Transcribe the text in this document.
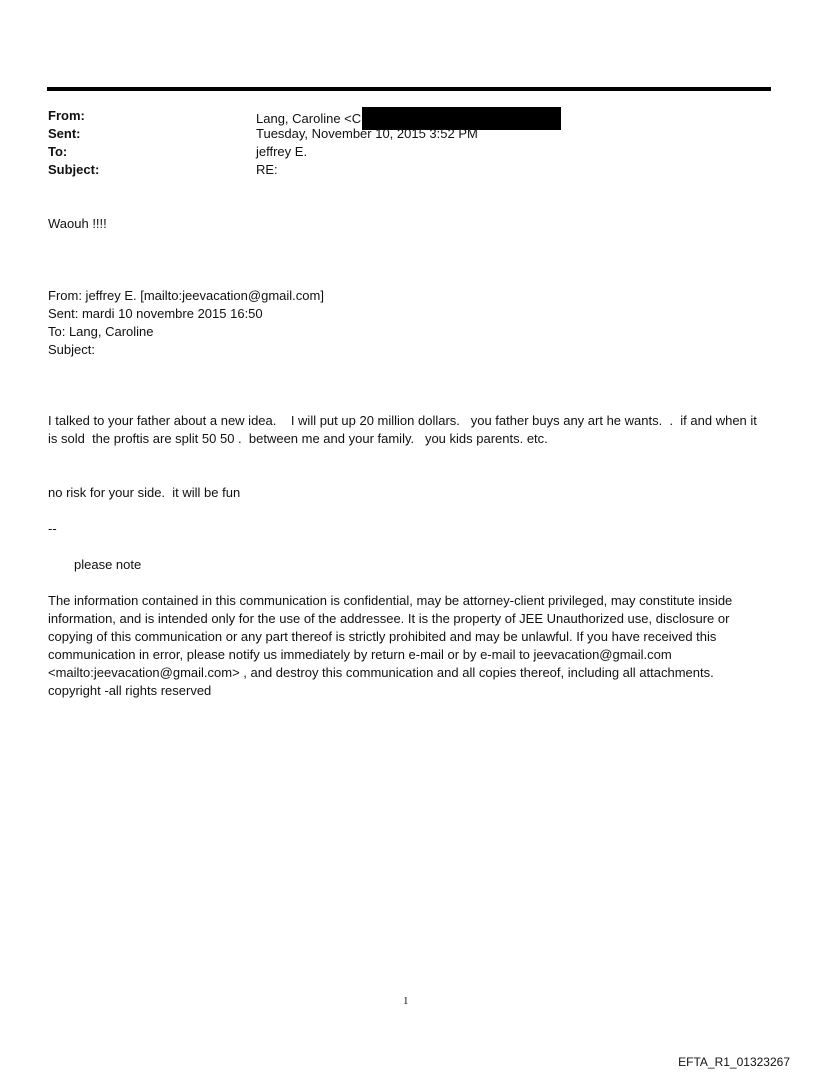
From:	Lang, Caroline <C
Sent:	Tuesday, November 10, 2015 3:52 PM
To:	jeffrey E.
Subject:	RE:
Waouh !!!!
From: jeffrey E. [mailto:jeevacation@gmail.com]
Sent: mardi 10 novembre 2015 16:50
To: Lang, Caroline
Subject:
I talked to your father about a new idea.    I will put up 20 million dollars.   you father buys any art he wants.  .  if and when it is sold  the proftis are split 50 50 .  between me and your family.   you kids parents. etc.
no risk for your side.  it will be fun
--
please note
The information contained in this communication is confidential, may be attorney-client privileged, may constitute inside information, and is intended only for the use of the addressee. It is the property of JEE Unauthorized use, disclosure or copying of this communication or any part thereof is strictly prohibited and may be unlawful. If you have received this communication in error, please notify us immediately by return e-mail or by e-mail to jeevacation@gmail.com <mailto:jeevacation@gmail.com> , and destroy this communication and all copies thereof, including all attachments. copyright -all rights reserved
1
EFTA_R1_01323267
